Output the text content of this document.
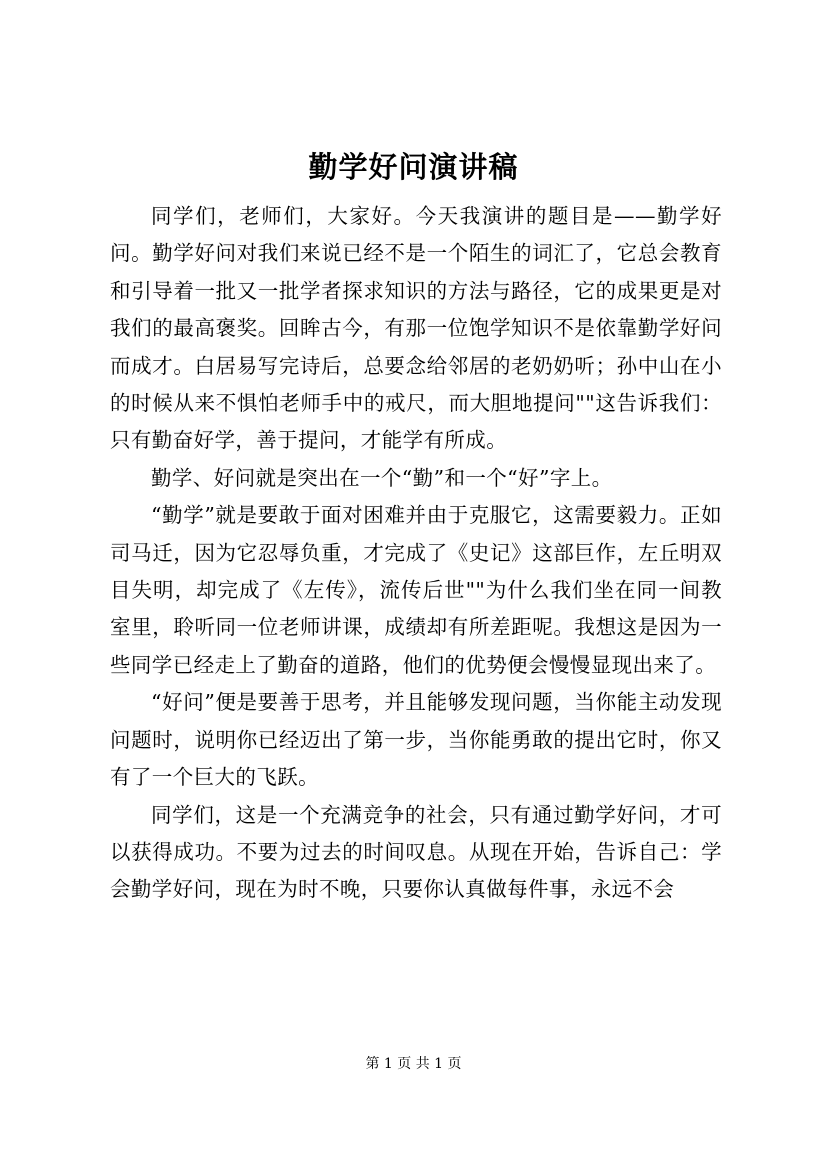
勤学好问演讲稿

同学们，老师们，大家好。今天我演讲的题目是——勤学好问。勤学好问对我们来说已经不是一个陌生的词汇了，它总会教育和引导着一批又一批学者探求知识的方法与路径，它的成果更是对我们的最高褒奖。回眸古今，有那一位饱学知识不是依靠勤学好问而成才。白居易写完诗后，总要念给邻居的老奶奶听；孙中山在小的时候从来不惧怕老师手中的戒尺，而大胆地提问""这告诉我们：只有勤奋好学，善于提问，才能学有所成。

勤学、好问就是突出在一个“勤”和一个“好”字上。

“勤学”就是要敢于面对困难并由于克服它，这需要毅力。正如司马迁，因为它忍辱负重，才完成了《史记》这部巨作，左丘明双目失明，却完成了《左传》，流传后世""为什么我们坐在同一间教室里，聆听同一位老师讲课，成绩却有所差距呢。我想这是因为一些同学已经走上了勤奋的道路，他们的优势便会慢慢显现出来了。

“好问”便是要善于思考，并且能够发现问题，当你能主动发现问题时，说明你已经迈出了第一步，当你能勇敢的提出它时，你又有了一个巨大的飞跃。

同学们，这是一个充满竞争的社会，只有通过勤学好问，才可以获得成功。不要为过去的时间叹息。从现在开始，告诉自己：学会勤学好问，现在为时不晚，只要你认真做每件事，永远不会

第 1 页 共 1 页
